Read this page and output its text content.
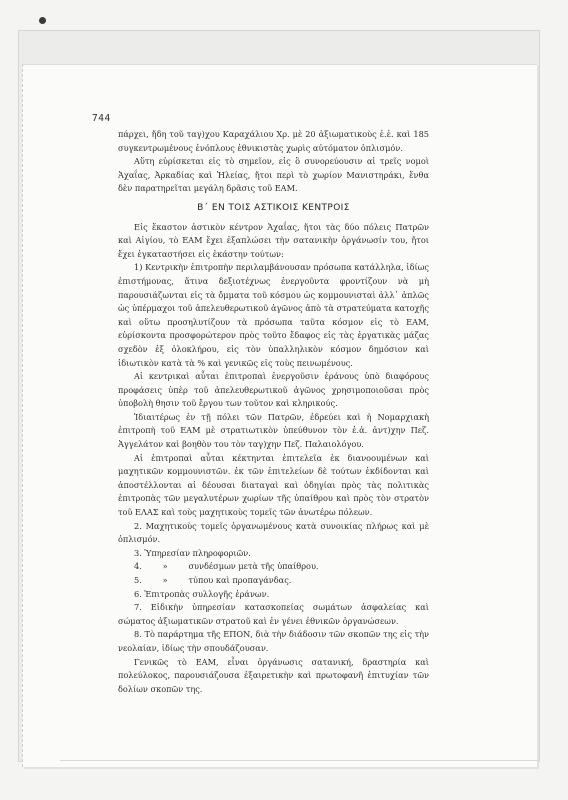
744

πάρχει, ἤδη τοῦ ταγ)χου Καραχάλιου Χρ. μὲ 20 ἀξιωματικοὺς ἐ.ἐ. καὶ 185 συγκεντρωμένους ἐνόπλους ἐθνικιστὰς χωρὶς αὐτόματον ὁπλισμόν.

Αὕτη εὑρίσκεται εἰς τὸ σημεῖον, εἰς ὃ συνορεύουσιν αἱ τρεῖς νομοὶ Ἀχαΐας, Ἀρκαδίας καὶ Ἠλείας, ἤτοι περὶ τὸ χωρίον Μανιστηράκι, ἔνθα δὲν παρατηρεῖται μεγάλη δρᾶσις τοῦ ΕΑΜ.

Β΄ ΕΝ ΤΟΙΣ ΑΣΤΙΚΟΙΣ ΚΕΝΤΡΟΙΣ

Εἰς ἕκαστον ἀστικὸν κέντρον Ἀχαΐας, ἤτοι τὰς δύο πόλεις Πατρῶν καὶ Αἰγίου, τὸ ΕΑΜ ἔχει ἐξαπλώσει τὴν σατανικὴν ὀργάνωσίν του, ἤτοι ἔχει ἐγκαταστήσει εἰς ἑκάστην τούτων:

1) Κεντρικὴν ἐπιτροπὴν περιλαμβάνουσαν πρόσωπα κατάλληλα, ἰδίως ἐπιστήμονας, ἅτινα δεξιοτέχνως ἐνεργοῦντα φροντίζουν νὰ μὴ παρουσιάζωνται εἰς τὰ ὄμματα τοῦ κόσμου ὡς κομμουνισταὶ ἀλλ᾽ ἁπλῶς ὡς ὑπέρμαχοι τοῦ ἀπελευθερωτικοῦ ἀγῶνος ἀπὸ τὰ στρατεύματα κατοχῆς καὶ οὕτω προσηλυτίζουν τὰ πρόσωπα ταῦτα κόσμον εἰς τὸ ΕΑΜ, εὑρίσκοντα προσφορώτερον πρὸς τοῦτο ἔδαφος εἰς τὰς ἐργατικὰς μάζας σχεδὸν ἐξ ὁλοκλήρου, εἰς τὸν ὑπαλληλικὸν κόσμον δημόσιον καὶ ἰδιωτικὸν κατὰ τὰ % καὶ γενικῶς εἰς τοὺς πεινωμένους.

Αἱ κεντρικαὶ αὗται ἐπιτροπαὶ ἐνεργοῦσιν ἐράνους ὑπὸ διαφόρους προφάσεις ὑπὲρ τοῦ ἀπελευθερωτικοῦ ἀγῶνος χρησιμοποιοῦσαι πρὸς ὑποβολὴ θησιν τοῦ ἔργου των τοῦτον καὶ κληρικούς.

Ἰδιαιτέρως ἐν τῇ πόλει τῶν Πατρῶν, ἐδρεύει καὶ ἡ Νομαρχιακὴ ἐπιτροπὴ τοῦ ΕΑΜ μὲ στρατιωτικὸν ὑπεύθυνον τὸν ἐ.ἀ. ἀντ)χην Πεζ. Ἀγγελάτον καὶ βοηθὸν του τὸν ταγ)χην Πεζ. Παλαιολόγου.

Αἱ ἐπιτροπαὶ αὗται κέκτηνται ἐπιτελεῖα ἐκ διανοουμένων καὶ μαχητικῶν κομμουνιστῶν. ἐκ τῶν ἐπιτελείων δὲ τούτων ἐκδίδονται καὶ ἀποστέλλονται αἱ δέουσαι διαταγαὶ καὶ ὁδηγίαι πρὸς τὰς πολιτικὰς ἐπιτροπὰς τῶν μεγαλυτέρων χωρίων τῆς ὑπαίθρου καὶ πρὸς τὸν στρατὸν τοῦ ΕΛΑΣ καὶ τοὺς μαχητικοὺς τομεῖς τῶν ἀνωτέρω πόλεων.

2. Μαχητικοὺς τομεῖς ὀργανωμένους κατὰ συνοικίας πλήρως καὶ μὲ ὁπλισμόν.

3. Ὑπηρεσίαν πληροφοριῶν.

4.        »        συνδέσμων μετὰ τῆς ὑπαίθρου.

5.        »        τύπου καὶ προπαγάνδας.

6. Ἐπιτροπὰς συλλογῆς ἐράνων.

7. Εἰδικὴν ὑπηρεσίαν κατασκοπείας σωμάτων ἀσφαλείας καὶ σώματος ἀξιωματικῶν στρατοῦ καὶ ἐν γένει ἐθνικῶν ὀργανώσεων.

8. Τὸ παράρτημα τῆς ΕΠΟΝ, διὰ τὴν διάδοσιν τῶν σκοπῶν της εἰς τὴν νεολαίαν, ἰδίως τὴν σπουδάζουσαν.

Γενικῶς τὸ ΕΑΜ, εἶναι ὀργάνωσις σατανική, δραστηρία καὶ πολεύλοκος, παρουσιάζουσα ἐξαιρετικὴν καὶ πρωτοφανῆ ἐπιτυχίαν τῶν δολίων σκοπῶν της.
